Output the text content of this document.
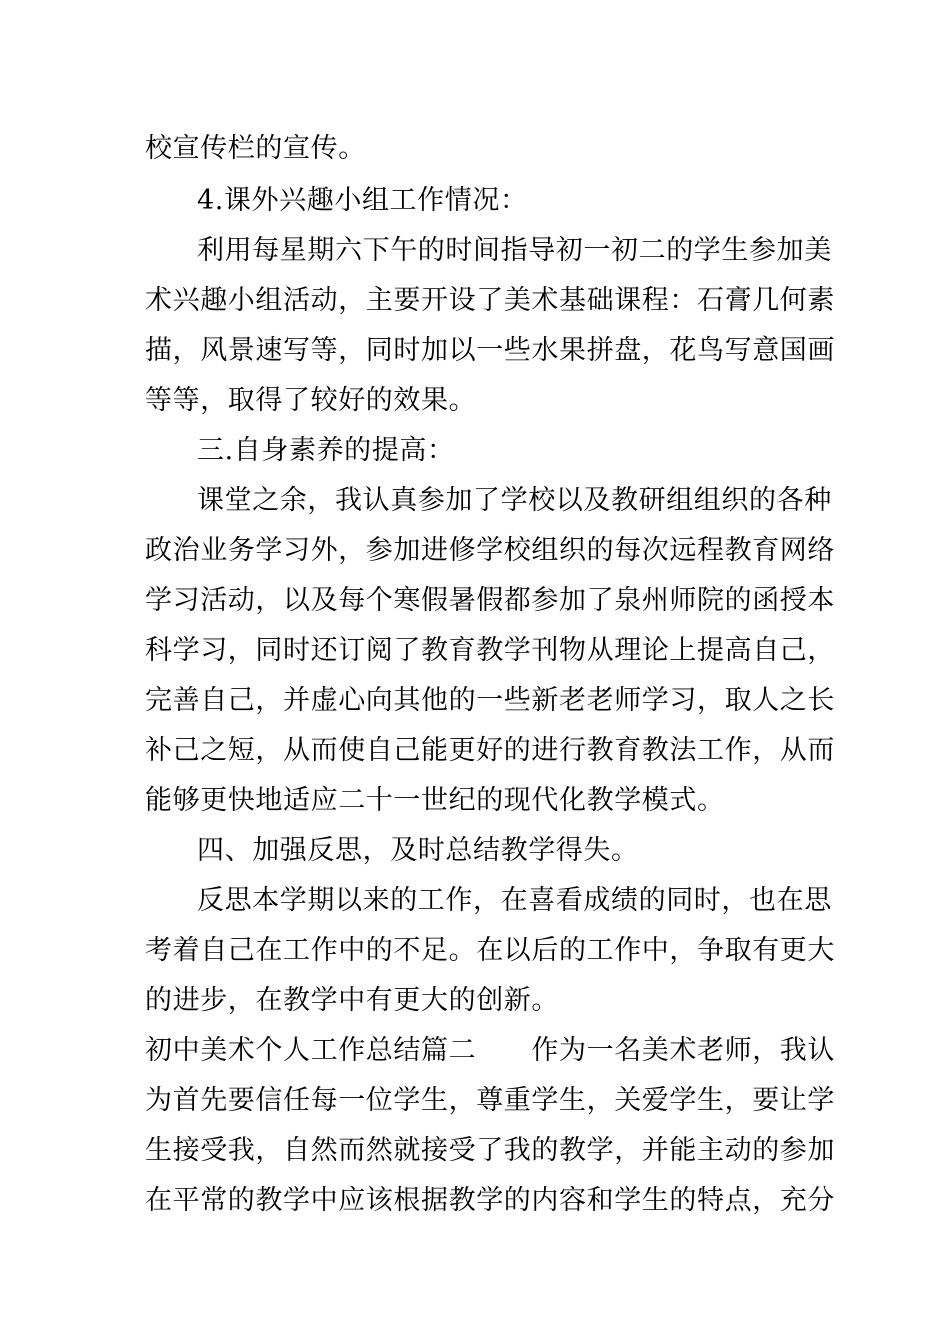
校宣传栏的宣传。
4.课外兴趣小组工作情况：
利用每星期六下午的时间指导初一初二的学生参加美
术兴趣小组活动，主要开设了美术基础课程：石膏几何素
描，风景速写等，同时加以一些水果拼盘，花鸟写意国画
等等，取得了较好的效果。
三.自身素养的提高：
课堂之余，我认真参加了学校以及教研组组织的各种
政治业务学习外，参加进修学校组织的每次远程教育网络
学习活动，以及每个寒假暑假都参加了泉州师院的函授本
科学习，同时还订阅了教育教学刊物从理论上提高自己，
完善自己，并虚心向其他的一些新老老师学习，取人之长
补己之短，从而使自己能更好的进行教育教法工作，从而
能够更快地适应二十一世纪的现代化教学模式。
四、加强反思，及时总结教学得失。
反思本学期以来的工作，在喜看成绩的同时，也在思
考着自己在工作中的不足。在以后的工作中，争取有更大
的进步，在教学中有更大的创新。
初中美术个人工作总结篇二　　作为一名美术老师，我认
为首先要信任每一位学生，尊重学生，关爱学生，要让学
生接受我，自然而然就接受了我的教学，并能主动的参加
在平常的教学中应该根据教学的内容和学生的特点，充分
